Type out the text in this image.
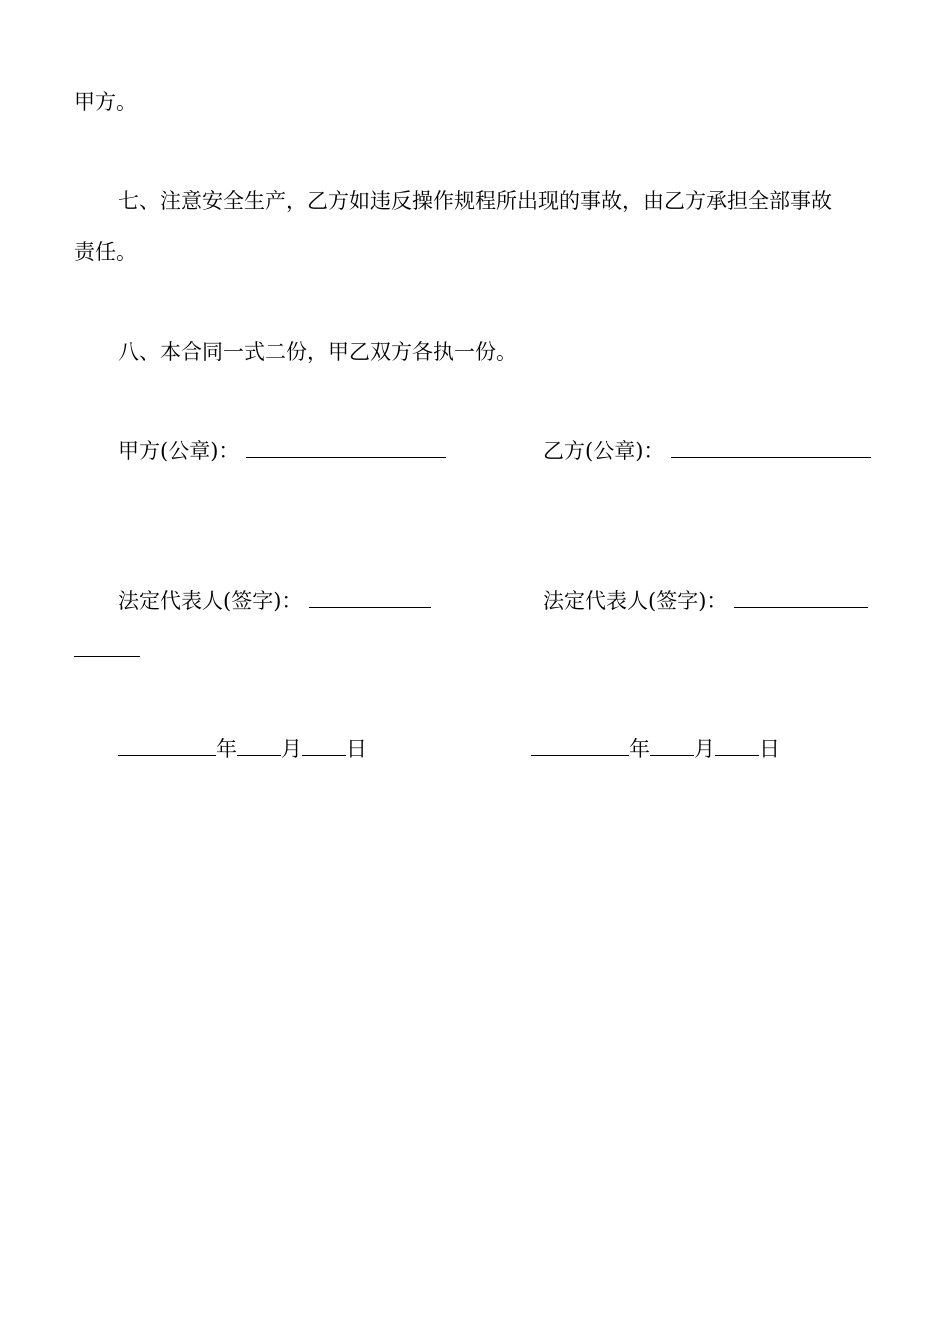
甲方。
七、注意安全生产，乙方如违反操作规程所出现的事故，由乙方承担全部事故
责任。
八、本合同一式二份，甲乙双方各执一份。
甲方(公章)：	乙方(公章)：
法定代表人(签字)：	法定代表人(签字)：
年 月 日	年 月 日
